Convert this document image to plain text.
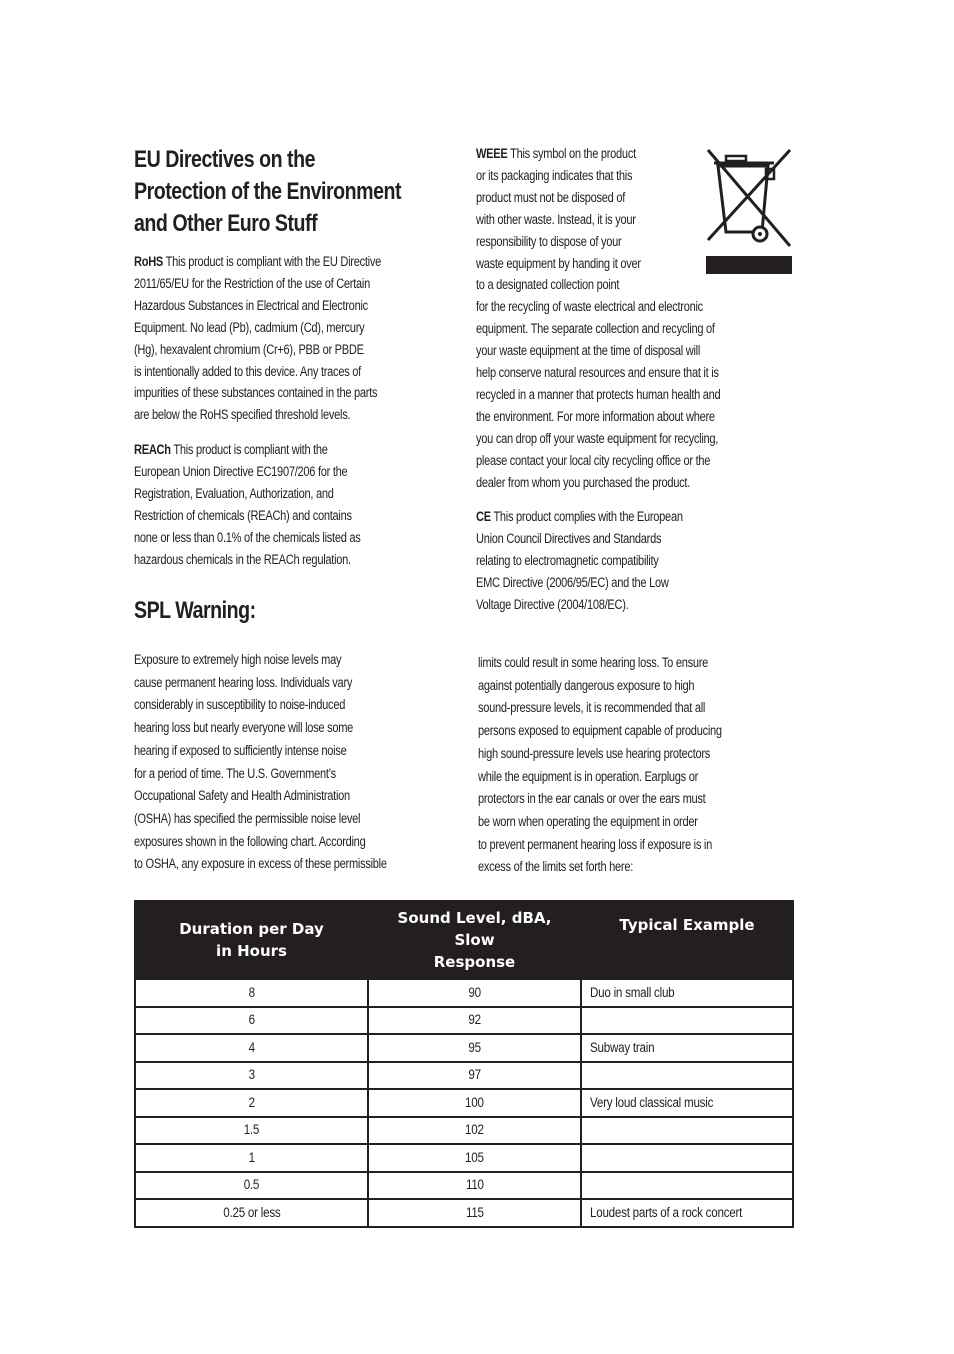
EU Directives on the
Protection of the Environment
and Other Euro Stuff

RoHS This product is compliant with the EU Directive
2011/65/EU for the Restriction of the use of Certain
Hazardous Substances in Electrical and Electronic
Equipment. No lead (Pb), cadmium (Cd), mercury
(Hg), hexavalent chromium (Cr+6), PBB or PBDE
is intentionally added to this device. Any traces of
impurities of these substances contained in the parts
are below the RoHS specified threshold levels.

REACh This product is compliant with the
European Union Directive EC1907/206 for the
Registration, Evaluation, Authorization, and
Restriction of chemicals (REACh) and contains
none or less than 0.1% of the chemicals listed as
hazardous chemicals in the REACh regulation.

WEEE This symbol on the product
or its packaging indicates that this
product must not be disposed of
with other waste. Instead, it is your
responsibility to dispose of your
waste equipment by handing it over
to a designated collection point
for the recycling of waste electrical and electronic
equipment. The separate collection and recycling of
your waste equipment at the time of disposal will
help conserve natural resources and ensure that it is
recycled in a manner that protects human health and
the environment. For more information about where
you can drop off your waste equipment for recycling,
please contact your local city recycling office or the
dealer from whom you purchased the product.

CE This product complies with the European
Union Council Directives and Standards
relating to electromagnetic compatibility
EMC Directive (2006/95/EC) and the Low
Voltage Directive (2004/108/EC).

SPL Warning:

Exposure to extremely high noise levels may
cause permanent hearing loss. Individuals vary
considerably in susceptibility to noise-induced
hearing loss but nearly everyone will lose some
hearing if exposed to sufficiently intense noise
for a period of time. The U.S. Government’s
Occupational Safety and Health Administration
(OSHA) has specified the permissible noise level
exposures shown in the following chart. According
to OSHA, any exposure in excess of these permissible

limits could result in some hearing loss. To ensure
against potentially dangerous exposure to high
sound-pressure levels, it is recommended that all
persons exposed to equipment capable of producing
high sound-pressure levels use hearing protectors
while the equipment is in operation. Earplugs or
protectors in the ear canals or over the ears must
be worn when operating the equipment in order
to prevent permanent hearing loss if exposure is in
excess of the limits set forth here:

Duration per Day
in Hours	Sound Level, dBA, Slow
Response	Typical Example
8	90	Duo in small club
6	92	
4	95	Subway train
3	97	
2	100	Very loud classical music
1.5	102	
1	105	
0.5	110	
0.25 or less	115	Loudest parts of a rock concert
